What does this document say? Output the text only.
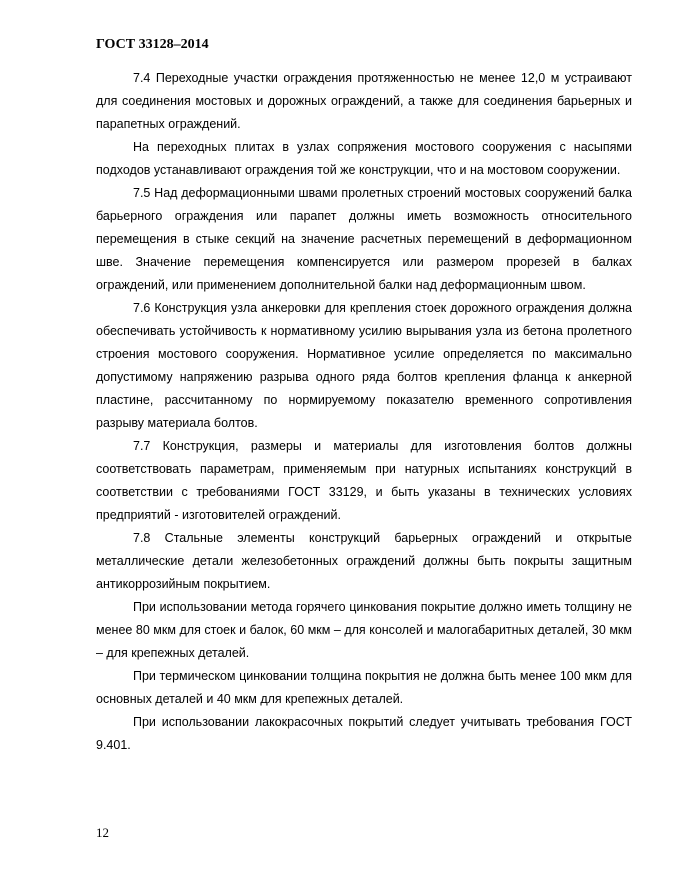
ГОСТ 33128–2014

7.4 Переходные участки ограждения протяженностью не менее 12,0 м устраивают для соединения мостовых и дорожных ограждений, а также для соединения барьерных и парапетных ограждений.

На переходных плитах в узлах сопряжения мостового сооружения с насыпями подходов устанавливают ограждения той же конструкции, что и на мостовом сооружении.

7.5 Над деформационными швами пролетных строений мостовых сооружений балка барьерного ограждения или парапет должны иметь возможность относительного перемещения в стыке секций на значение расчетных перемещений в деформационном шве. Значение перемещения компенсируется или размером прорезей в балках ограждений, или применением дополнительной балки над деформационным швом.

7.6 Конструкция узла анкеровки для крепления стоек дорожного ограждения должна обеспечивать устойчивость к нормативному усилию вырывания узла из бетона пролетного строения мостового сооружения. Нормативное усилие определяется по максимально допустимому напряжению разрыва одного ряда болтов крепления фланца к анкерной пластине, рассчитанному по нормируемому показателю временного сопротивления разрыву материала болтов.

7.7 Конструкция, размеры и материалы для изготовления болтов должны соответствовать параметрам, применяемым при натурных испытаниях конструкций в соответствии с требованиями ГОСТ 33129, и быть указаны в технических условиях предприятий - изготовителей ограждений.

7.8 Стальные элементы конструкций барьерных ограждений и открытые металлические детали железобетонных ограждений должны быть покрыты защитным антикоррозийным покрытием.

При использовании метода горячего цинкования покрытие должно иметь толщину не менее 80 мкм для стоек и балок, 60 мкм – для консолей и малогабаритных деталей, 30 мкм – для крепежных деталей.

При термическом цинковании толщина покрытия не должна быть менее 100 мкм для основных деталей и 40 мкм для крепежных деталей.

При использовании лакокрасочных покрытий следует учитывать требования ГОСТ 9.401.

12
